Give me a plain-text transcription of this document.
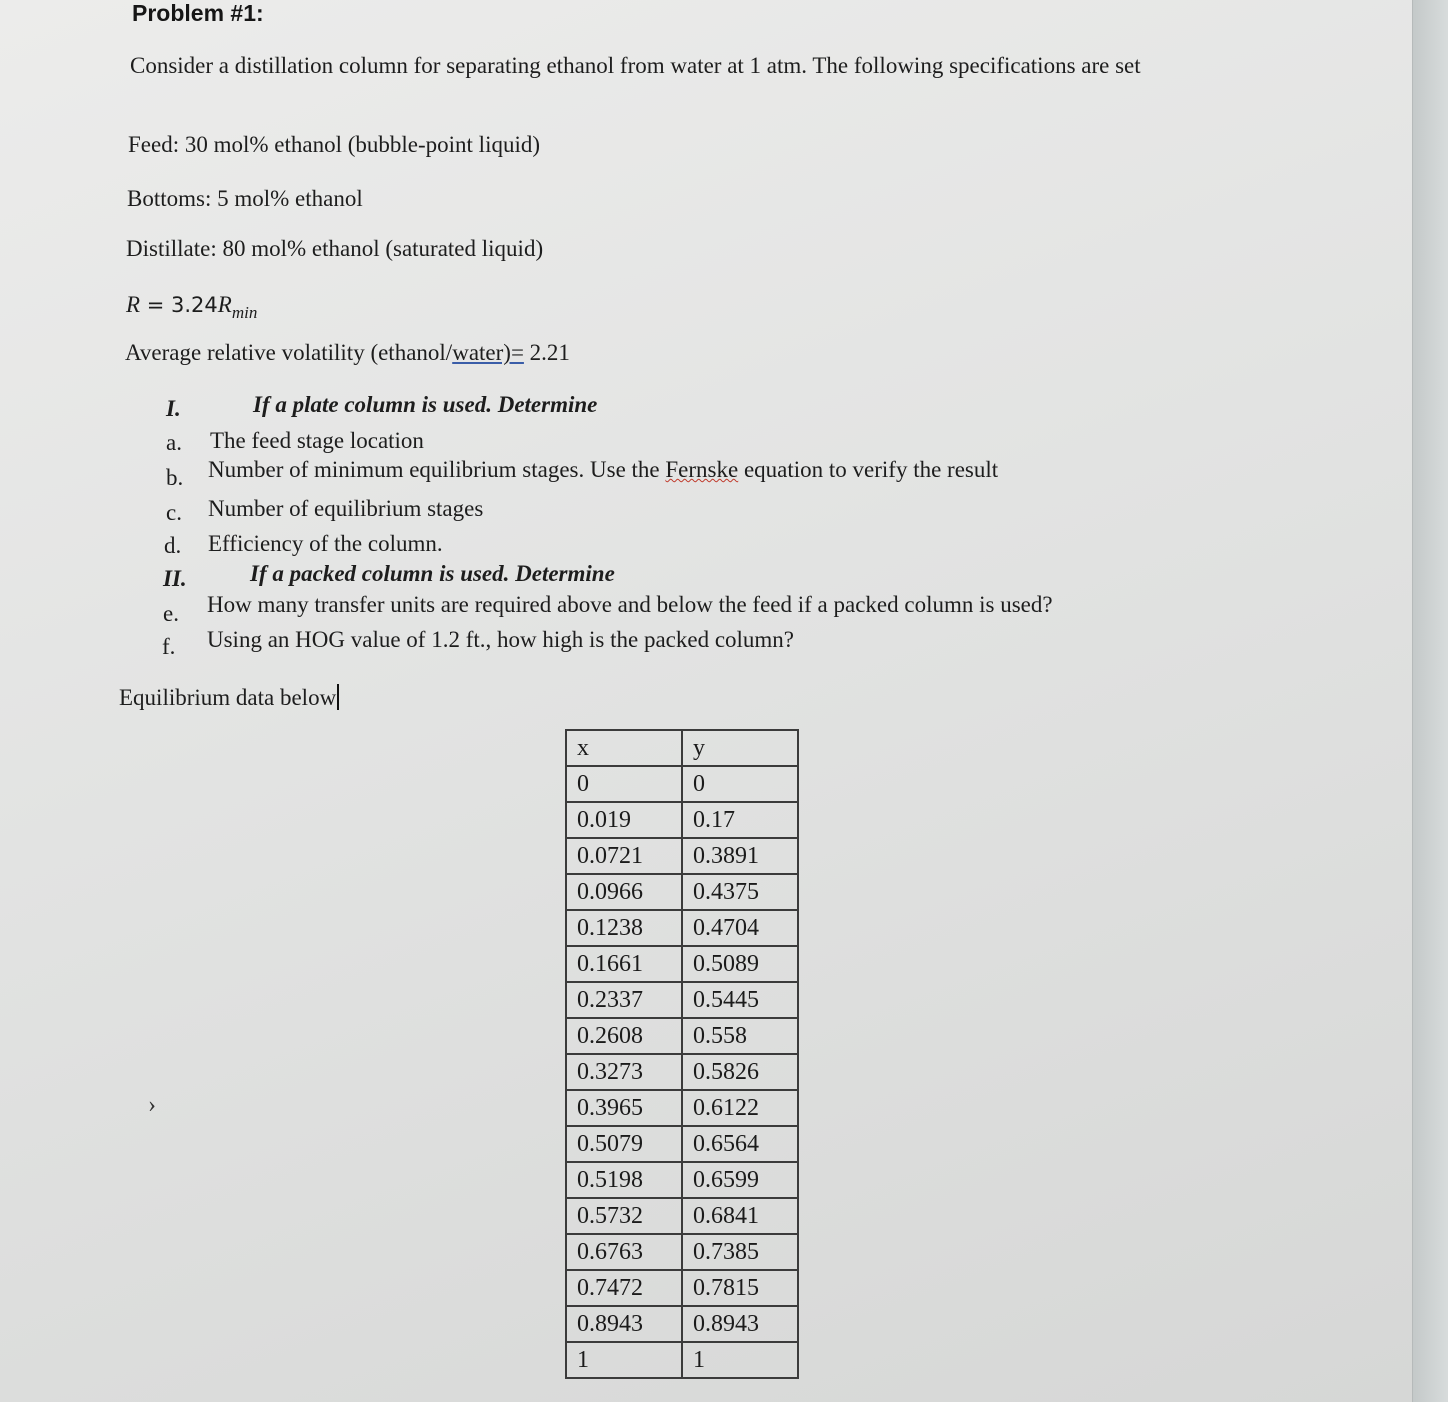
Problem #1:
Consider a distillation column for separating ethanol from water at 1 atm. The following specifications are set
Feed: 30 mol% ethanol (bubble-point liquid)
Bottoms: 5 mol% ethanol
Distillate: 80 mol% ethanol (saturated liquid)
$R = 3.24R_{min}$
Average relative volatility (ethanol/water)= 2.21
I.	If a plate column is used. Determine
a. The feed stage location
b. Number of minimum equilibrium stages. Use the Fernske equation to verify the result
c. Number of equilibrium stages
d. Efficiency of the column.
II.	If a packed column is used. Determine
e. How many transfer units are required above and below the feed if a packed column is used?
f. Using an HOG value of 1.2 ft., how high is the packed column?
Equilibrium data below
x	y
0	0
0.019	0.17
0.0721	0.3891
0.0966	0.4375
0.1238	0.4704
0.1661	0.5089
0.2337	0.5445
0.2608	0.558
0.3273	0.5826
0.3965	0.6122
0.5079	0.6564
0.5198	0.6599
0.5732	0.6841
0.6763	0.7385
0.7472	0.7815
0.8943	0.8943
1	1
›
